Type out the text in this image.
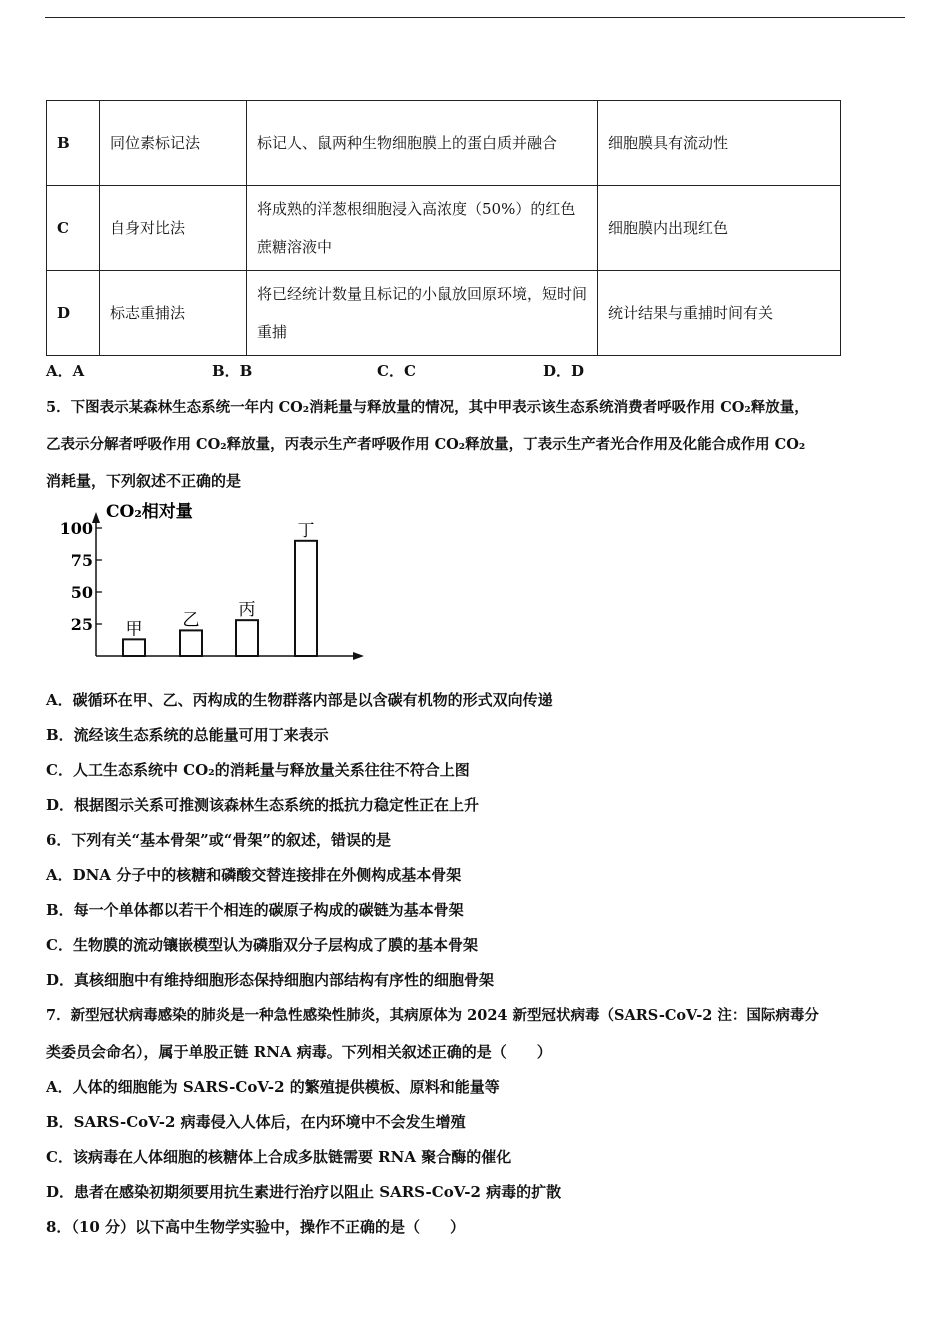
B	同位素标记法	标记人、鼠两种生物细胞膜上的蛋白质并融合	细胞膜具有流动性
C	自身对比法	将成熟的洋葱根细胞浸入高浓度（50%）的红色蔗糖溶液中	细胞膜内出现红色
D	标志重捕法	将已经统计数量且标记的小鼠放回原环境，短时间重捕	统计结果与重捕时间有关
A．A	B．B	C．C	D．D
5．下图表示某森林生态系统一年内 CO₂消耗量与释放量的情况，其中甲表示该生态系统消费者呼吸作用 CO₂释放量，
乙表示分解者呼吸作用 CO₂释放量，丙表示生产者呼吸作用 CO₂释放量，丁表示生产者光合作用及化能合成作用 CO₂
消耗量，下列叙述不正确的是
CO₂相对量
25
50
75
100
甲 乙
丙
丁
A．碳循环在甲、乙、丙构成的生物群落内部是以含碳有机物的形式双向传递
B．流经该生态系统的总能量可用丁来表示
C．人工生态系统中 CO₂的消耗量与释放量关系往往不符合上图
D．根据图示关系可推测该森林生态系统的抵抗力稳定性正在上升
6．下列有关“基本骨架”或“骨架”的叙述，错误的是
A．DNA 分子中的核糖和磷酸交替连接排在外侧构成基本骨架
B．每一个单体都以若干个相连的碳原子构成的碳链为基本骨架
C．生物膜的流动镶嵌模型认为磷脂双分子层构成了膜的基本骨架
D．真核细胞中有维持细胞形态保持细胞内部结构有序性的细胞骨架
7．新型冠状病毒感染的肺炎是一种急性感染性肺炎，其病原体为 2024 新型冠状病毒（SARS-CoV-2 注：国际病毒分
类委员会命名），属于单股正链 RNA 病毒。下列相关叙述正确的是（　　）
A．人体的细胞能为 SARS-CoV-2 的繁殖提供模板、原料和能量等
B．SARS-CoV-2 病毒侵入人体后，在内环境中不会发生增殖
C．该病毒在人体细胞的核糖体上合成多肽链需要 RNA 聚合酶的催化
D．患者在感染初期须要用抗生素进行治疗以阻止 SARS-CoV-2 病毒的扩散
8．（10 分）以下高中生物学实验中，操作不正确的是（　　）
